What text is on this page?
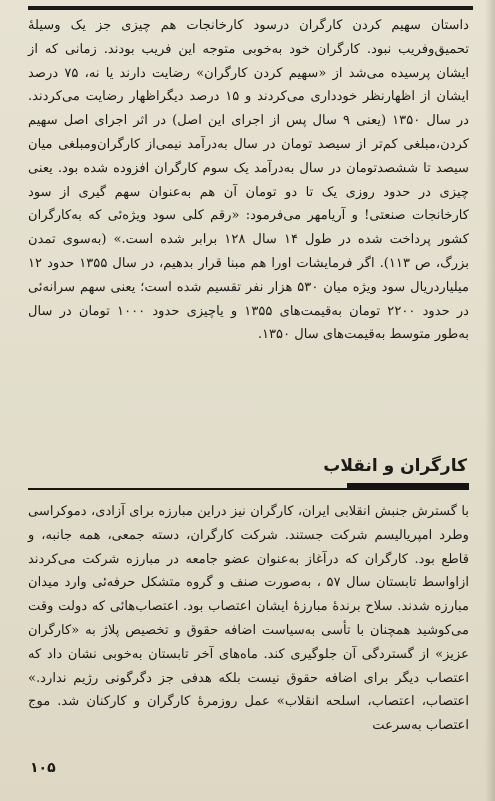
داستان سهیم کردن کارگران درسود کارخانجات هم چیزی جز یک وسیلهٔ تحمیق‌وفریب نبود. کارگران خود به‌خوبی متوجه این فریب بودند. زمانی که از ایشان پرسیده می‌شد از «سهیم کردن کارگران» رضایت دارند یا نه، ۷۵ درصد ایشان از اظهارنظر خودداری می‌کردند و ۱۵ درصد دیگراظهار رضایت می‌کردند. در سال ۱۳۵۰ (یعنی ۹ سال پس از اجرای این اصل) در اثر اجرای اصل سهیم کردن،مبلغی کم‌تر از سیصد تومان در سال به‌درآمد نیمی‌از کارگران‌ومبلغی میان سیصد تا ششصدتومان در سال به‌درآمد یک سوم کارگران افزوده شده بود. یعنی چیزی در حدود روزی یک تا دو تومان آن هم به‌عنوان سهم گیری از سود کارخانجات صنعتی! و آریامهر می‌فرمود: «رقم کلی سود ویژه‌ئی که به‌کارگران کشور پرداخت شده در طول ۱۴ سال ۱۲۸ برابر شده است.» (به‌سوی تمدن بزرگ، ص ۱۱۳). اگر فرمایشات اورا هم مبنا قرار بدهیم، در سال ۱۳۵۵ حدود ۱۲ میلیاردریال سود ویژه میان ۵۳۰ هزار نفر تقسیم شده است؛ یعنی سهم سرانه‌ئی در حدود ۲۲۰۰ تومان به‌قیمت‌های ۱۳۵۵ و یاچیزی حدود ۱۰۰۰ تومان در سال به‌طور متوسط به‌قیمت‌های سال ۱۳۵۰.

کارگران و انقلاب

با گسترش جنبش انقلابی ایران، کارگران نیز دراین مبارزه برای آزادی، دموکراسی وطرد امپریالیسم شرکت جستند. شرکت کارگران، دسته جمعی، همه جانبه، و قاطع بود. کارگران که درآغاز به‌عنوان عضو جامعه در مبارزه شرکت می‌کردند ازاواسط تابستان سال ۵۷ ، به‌صورت صنف و گروه متشکل حرفه‌ئی وارد میدان مبارزه شدند. سلاح برندهٔ مبارزهٔ ایشان اعتصاب بود. اعتصاب‌هائی که دولت وقت می‌کوشید همچنان با تأسی به‌سیاست اضافه حقوق و تخصیص پلاژ به «کارگران عزیز» از گستردگی آن جلوگیری کند. ماه‌های آخر تابستان به‌خوبی نشان داد که اعتصاب دیگر برای اضافه حقوق نیست بلکه هدفی جز دگرگونی رژیم ندارد.» اعتصاب، اعتصاب، اسلحه انقلاب» عمل روزمرهٔ کارگران و کارکنان شد. موج اعتصاب به‌سرعت

۱۰۵
